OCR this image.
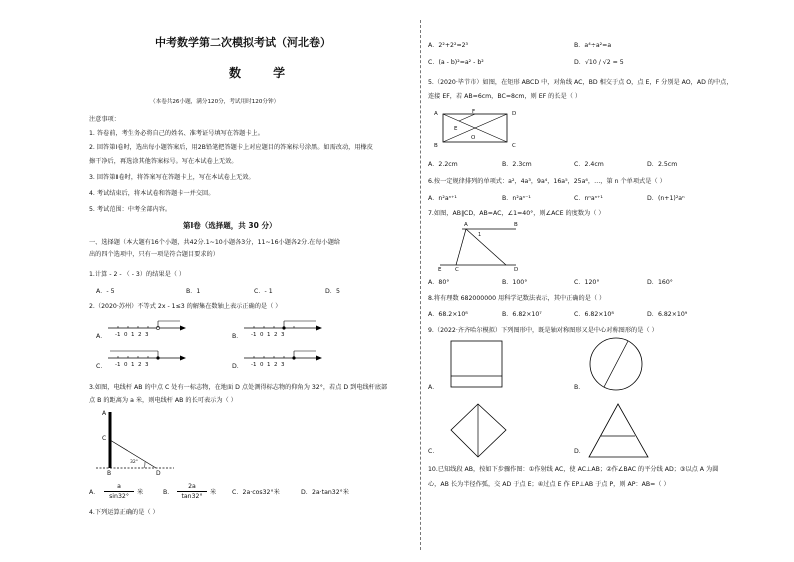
中考数学第二次模拟考试（河北卷）
数 学
（本卷共26小题，满分120分，考试用时120分钟）
注意事项：
1. 答卷前，考生务必将自己的姓名、准考证号填写在答题卡上。
2. 回答第Ⅰ卷时，选出每小题答案后，用2B铅笔把答题卡上对应题目的答案标号涂黑。如需改动，用橡皮
擦干净后，再选涂其他答案标号。写在本试卷上无效。
3. 回答第Ⅱ卷时，将答案写在答题卡上，写在本试卷上无效。
4. 考试结束后，将本试卷和答题卡一并交回。
5. 考试范围：中考全部内容。
第Ⅰ卷（选择题，共 30 分）
一、选择题（本大题有16个小题，共42分.1~10小题各3分，11~16小题各2分.在每小题给
出的四个选项中，只有一项是符合题目要求的）
1.计算 - 2 - （ - 3）的结果是（ ）
A．- 5	B．1	C．- 1	D．5
2.（2020·苏州）不等式 2x - 1≤3 的解集在数轴上表示正确的是（ ）
A． -1 0 1 2 3	B． -1 0 1 2 3
C． -1 0 1 2 3	D． -1 0 1 2 3
3.如图，电线杆 AB 的中点 C 处有一标志物，在地面 D 点处测得标志物的仰角为 32°，若点 D 到电线杆底部
点 B 的距离为 a 米，则电线杆 AB 的长可表示为（ ）
A
C
B	D
32°
A．
a
sin32°
米	B．
2a
tan32°
米	C．2a·cos32°米	D．2a·tan32°米
4.下列运算正确的是（ ）
A．2²+2²=2³	B．a⁴÷a²=a
C．(a - b)²=a² - b²	D．√10 / √2 = 5
5.（2020·毕节市）如图，在矩形 ABCD 中，对角线 AC，BD 相交于点 O，点 E，F 分别是 AO，AD 的中点，
连接 EF，若 AB=6cm，BC=8cm，则 EF 的长是（ ）
A	F	D
E
O
B	C
A．2.2cm	B．2.3cm	C．2.4cm	D．2.5cm
6.按一定规律排列的单项式：a²，4a³，9a⁴，16a⁵，25a⁶，…，第 n 个单项式是（ ）
A．n²aⁿ⁺¹	B．n²aⁿ⁻¹	C．nⁿaⁿ⁺¹	D．(n+1)²aⁿ
7.如图，AB∥CD，AB=AC，∠1=40°，则∠ACE 的度数为（ ）
A	B
1
E C	D
A．80°	B．100°	C．120°	D．160°
8.将有理数 682000000 用科学记数法表示，其中正确的是（ ）
A．68.2×10⁸	B．6.82×10⁷	C．6.82×10⁸	D．6.82×10⁹
9.（2022·齐齐哈尔模拟）下列图形中，既是轴对称图形又是中心对称图形的是（ ）
A．	B．
C．	D．
10.已知线段 AB，按如下步骤作图：①作射线 AC，使 AC⊥AB；②作∠BAC 的平分线 AD；③以点 A 为圆
心，AB 长为半径作弧，交 AD 于点 E；④过点 E 作 EP⊥AB 于点 P，则 AP：AB=（ ）
